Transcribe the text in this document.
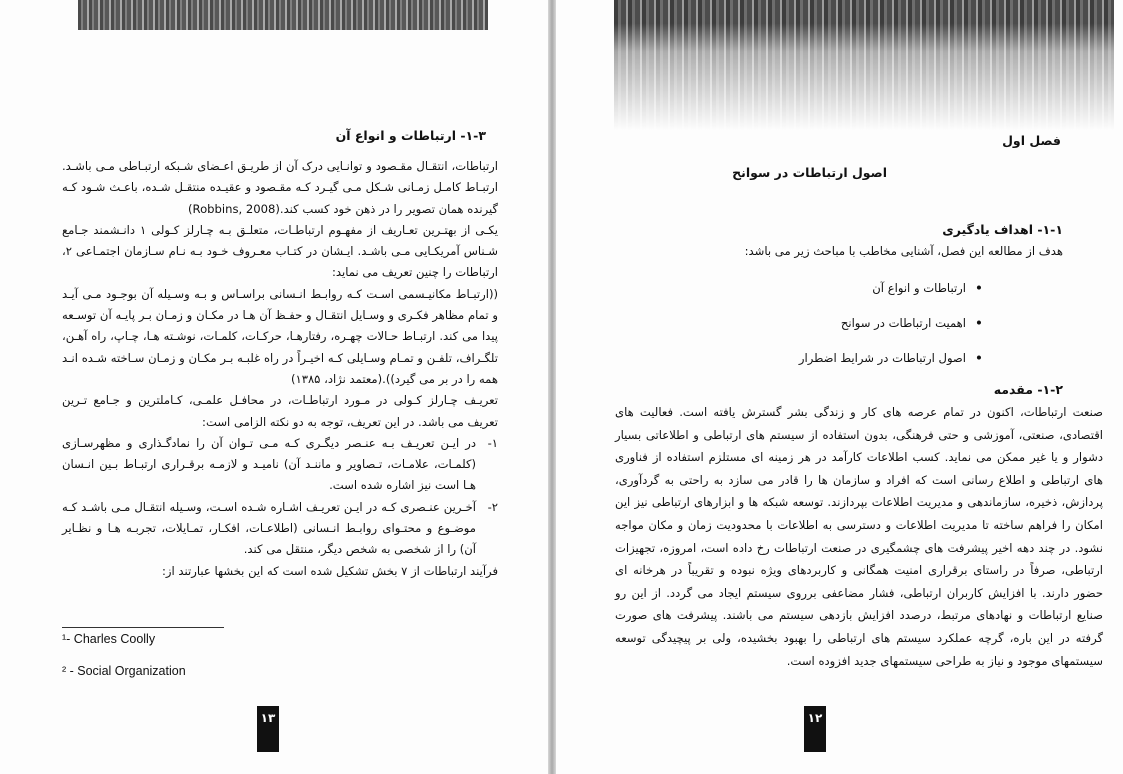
۱-۳- ارتباطات و انواع آن

ارتباطات، انتقـال مقـصود و توانـایی درک آن از طریـق اعـضای شـبکه ارتبـاطی مـی باشـد. ارتبـاط کامـل زمـانی شـکل مـی گیـرد کـه مقـصود و عقیـده منتقـل شـده، باعـث شـود کـه گیرنده همان تصویر را در ذهن خود کسب کند.(Robbins, 2008)

یکـی از بهتـرین تعـاریف از مفهـوم ارتباطـات، متعلـق بـه چـارلز کـولی ۱ دانـشمند جـامع شـناس آمریکـایی مـی باشـد. ایـشان در کتـاب معـروف خـود بـه نـام سـازمان اجتمـاعی ۲، ارتباطات را چنین تعریف می نماید:

((ارتبـاط مکانیـسمی اسـت کـه روابـط انـسانی براسـاس و بـه وسـیله آن بوجـود مـی آیـد و تمام مظاهر فکـری و وسـایل انتقـال و حفـظ آن هـا در مکـان و زمـان بـر پایـه آن توسـعه پیدا می کند. ارتبـاط حـالات چهـره، رفتارهـا، حرکـات، کلمـات، نوشـته هـا، چـاپ، راه آهـن، تلگـراف، تلفـن و تمـام وسـایلی کـه اخیـراً در راه غلبـه بـر مکـان و زمـان سـاخته شـده انـد همه را در بر می گیرد)).(معتمد نژاد، ۱۳۸۵)

تعریـف چـارلز کـولی در مـورد ارتباطـات، در محافـل علمـی، کـاملترین و جـامع تـرین تعریف می باشد. در این تعریف، توجه به دو نکته الزامی است:

۱-
در ایـن تعریـف بـه عنـصر دیگـری کـه مـی تـوان آن را نمادگـذاری و مظهرسـازی (کلمـات، علامـات، تـصاویر و ماننـد آن) نامیـد و لازمـه برقـراری ارتبـاط بـین انـسان هـا است نیز اشاره شده است.
۲-
آخـرین عنـصری کـه در ایـن تعریـف اشـاره شـده اسـت، وسـیله انتقـال مـی باشـد کـه موضـوع و محتـوای روابـط انـسانی (اطلاعـات، افکـار، تمـایلات، تجربـه هـا و نظـایر آن) را از شخصی به شخص دیگر، منتقل می کند.

فرآیند ارتباطات از ۷ بخش تشکیل شده است که این بخشها عبارتند از:

¹- Charles Coolly
² - Social Organization
۱۳
فصل اول
اصول ارتباطات در سوانح
۱-۱- اهداف یادگیری
هدف از مطالعه این فصل، آشنایی مخاطب با مباحث زیر می باشد:
• ارتباطات و انواع آن
• اهمیت ارتباطات در سوانح
• اصول ارتباطات در شرایط اضطرار
۱-۲- مقدمه
صنعت ارتباطات، اکنون در تمام عرصه های کار و زندگی بشر گسترش یافته است. فعالیت های اقتصادی، صنعتی، آموزشی و حتی فرهنگی، بدون استفاده از سیستم های ارتباطی و اطلاعاتی بسیار دشوار و یا غیر ممکن می نماید. کسب اطلاعات کارآمد در هر زمینه ای مستلزم استفاده از فناوری های ارتباطی و اطلاع رسانی است که افراد و سازمان ها را قادر می سازد به راحتی به گردآوری، پردازش، ذخیره، سازماندهی و مدیریت اطلاعات بپردازند. توسعه شبکه ها و ابزارهای ارتباطی نیز این امکان را فراهم ساخته تا مدیریت اطلاعات و دسترسی به اطلاعات با محدودیت زمان و مکان مواجه نشود. در چند دهه اخیر پیشرفت های چشمگیری در صنعت ارتباطات رخ داده است، امروزه، تجهیزات ارتباطی، صرفاً در راستای برقراری امنیت همگانی و کاربردهای ویژه نبوده و تقریباً در هرخانه ای حضور دارند. با افزایش کاربران ارتباطی، فشار مضاعفی برروی سیستم ایجاد می گردد. از این رو صنایع ارتباطات و نهادهای مرتبط، درصدد افزایش بازدهی سیستم می باشند. پیشرفت های صورت گرفته در این باره، گرچه عملکرد سیستم های ارتباطی را بهبود بخشیده، ولی بر پیچیدگی توسعه سیستمهای موجود و نیاز به طراحی سیستمهای جدید افزوده است.
۱۲
